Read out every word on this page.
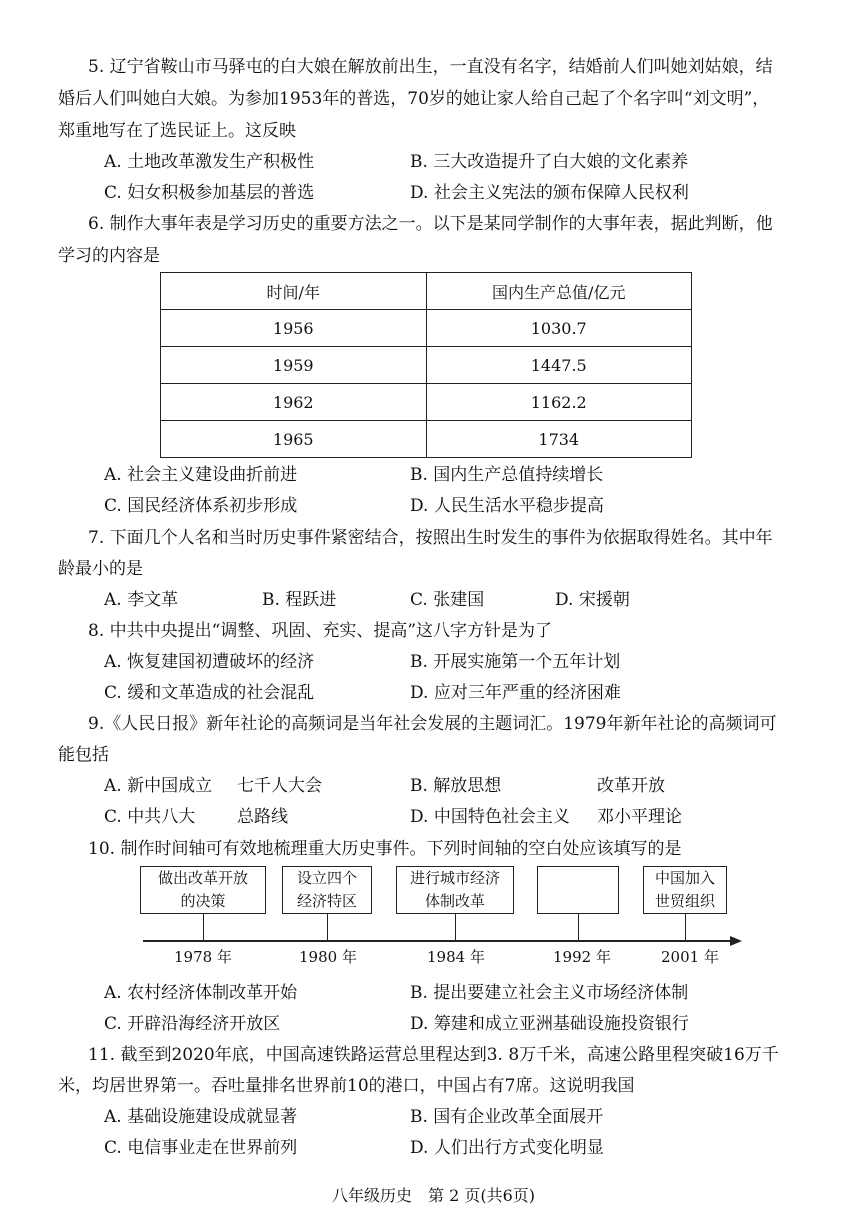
5. 辽宁省鞍山市马驿屯的白大娘在解放前出生，一直没有名字，结婚前人们叫她刘姑娘，结
婚后人们叫她白大娘。为参加1953年的普选，70岁的她让家人给自己起了个名字叫“刘文明”，
郑重地写在了选民证上。这反映
A. 土地改革激发生产积极性	B. 三大改造提升了白大娘的文化素养
C. 妇女积极参加基层的普选	D. 社会主义宪法的颁布保障人民权利
6. 制作大事年表是学习历史的重要方法之一。以下是某同学制作的大事年表，据此判断，他
学习的内容是
时间/年	国内生产总值/亿元
1956	1030.7
1959	1447.5
1962	1162.2
1965	1734
A. 社会主义建设曲折前进	B. 国内生产总值持续增长
C. 国民经济体系初步形成	D. 人民生活水平稳步提高
7. 下面几个人名和当时历史事件紧密结合，按照出生时发生的事件为依据取得姓名。其中年
龄最小的是
A. 李文革	B. 程跃进	C. 张建国	D. 宋援朝
8. 中共中央提出“调整、巩固、充实、提高”这八字方针是为了
A. 恢复建国初遭破坏的经济	B. 开展实施第一个五年计划
C. 缓和文革造成的社会混乱	D. 应对三年严重的经济困难
9.《人民日报》新年社论的高频词是当年社会发展的主题词汇。1979年新年社论的高频词可
能包括
A. 新中国成立 七千人大会	B. 解放思想	改革开放
C. 中共八大 总路线	D. 中国特色社会主义 邓小平理论
10. 制作时间轴可有效地梳理重大历史事件。下列时间轴的空白处应该填写的是
做出改革开放
的决策
1978 年
设立四个
经济特区
1980 年
进行城市经济
体制改革
1984 年	1992 年
中国加入
世贸组织
2001 年
A. 农村经济体制改革开始	B. 提出要建立社会主义市场经济体制
C. 开辟沿海经济开放区	D. 筹建和成立亚洲基础设施投资银行
11. 截至到2020年底，中国高速铁路运营总里程达到3. 8万千米，高速公路里程突破16万千
米，均居世界第一。吞吐量排名世界前10的港口，中国占有7席。这说明我国
A. 基础设施建设成就显著	B. 国有企业改革全面展开
C. 电信事业走在世界前列	D. 人们出行方式变化明显
八年级历史　第 2 页(共6页)
